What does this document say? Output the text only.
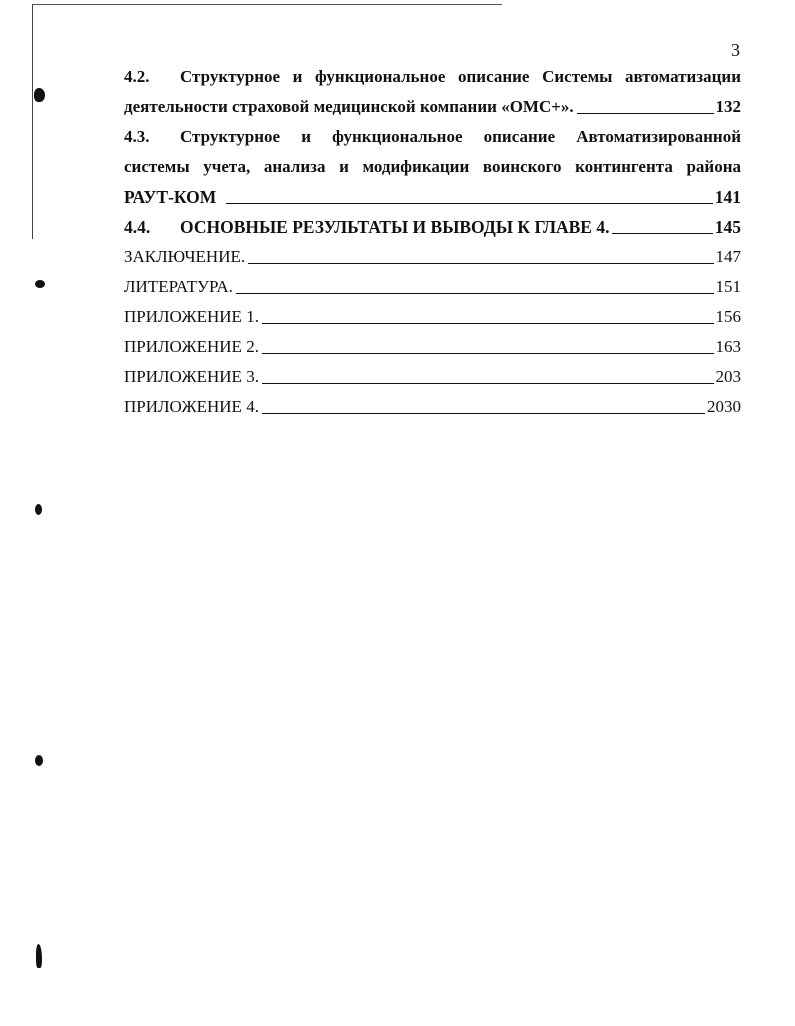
3
4.2.	Структурное и функциональное описание Системы автоматизации
деятельности страховой медицинской компании «ОМС+».	132
4.3.	Структурное и функциональное описание Автоматизированной
системы учета, анализа и модификации воинского контингента района
РАУТ-КОМ	141
4.4.	ОСНОВНЫЕ РЕЗУЛЬТАТЫ И ВЫВОДЫ К ГЛАВЕ 4.	145
ЗАКЛЮЧЕНИЕ.	147
ЛИТЕРАТУРА.	151
ПРИЛОЖЕНИЕ 1.	156
ПРИЛОЖЕНИЕ 2.	163
ПРИЛОЖЕНИЕ 3.	203
ПРИЛОЖЕНИЕ 4.	2030
